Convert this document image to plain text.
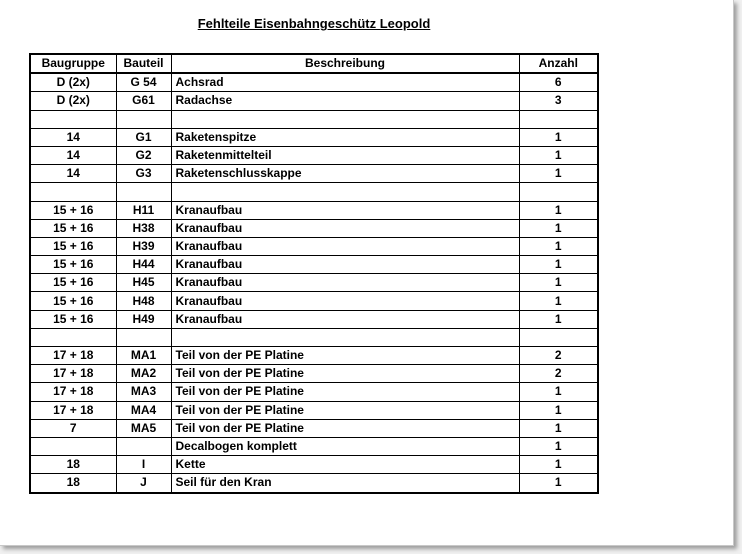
Fehlteile Eisenbahngeschütz Leopold
Baugruppe	Bauteil	Beschreibung	Anzahl
D (2x)	G 54	Achsrad	6
D (2x)	G61	Radachse	3

14	G1	Raketenspitze	1
14	G2	Raketenmittelteil	1
14	G3	Raketenschlusskappe	1

15 + 16	H11	Kranaufbau	1
15 + 16	H38	Kranaufbau	1
15 + 16	H39	Kranaufbau	1
15 + 16	H44	Kranaufbau	1
15 + 16	H45	Kranaufbau	1
15 + 16	H48	Kranaufbau	1
15 + 16	H49	Kranaufbau	1

17 + 18	MA1	Teil von der PE Platine	2
17 + 18	MA2	Teil von der PE Platine	2
17 + 18	MA3	Teil von der PE Platine	1
17 + 18	MA4	Teil von der PE Platine	1
7	MA5	Teil von der PE Platine	1
		Decalbogen komplett	1
18	I	Kette	1
18	J	Seil für den Kran	1
